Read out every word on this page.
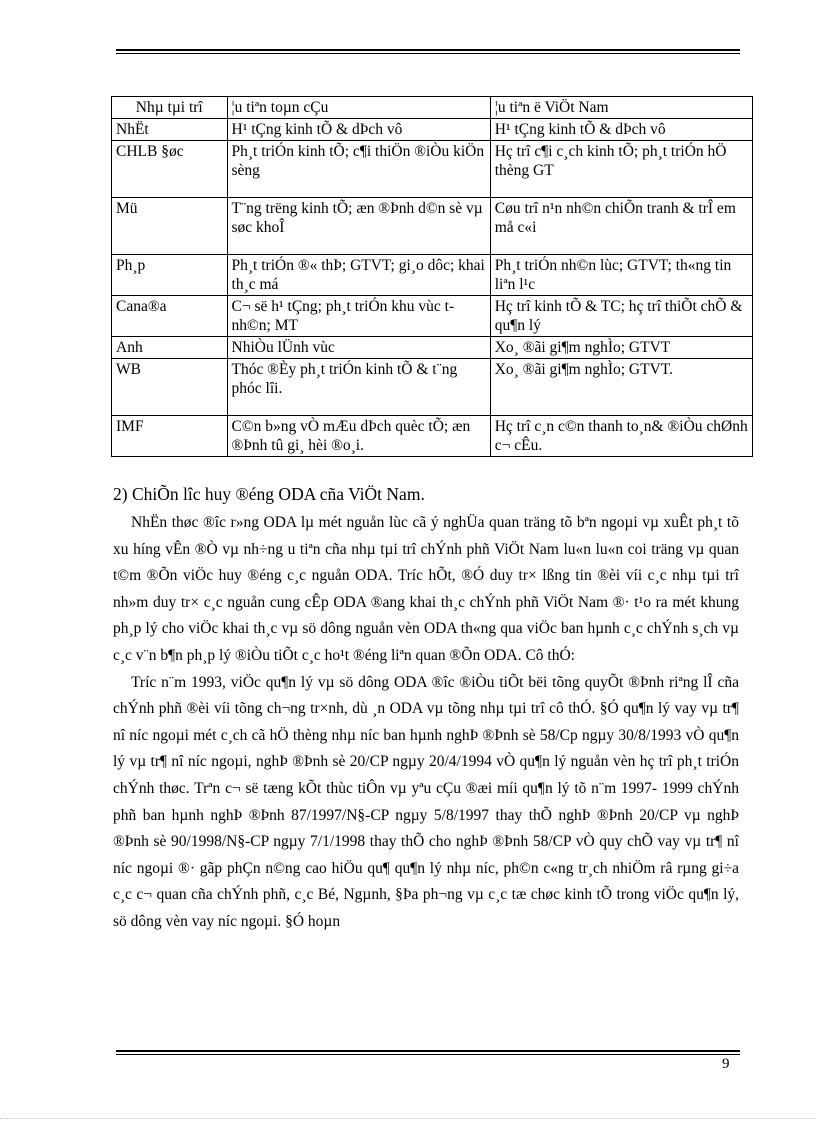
Nhµ tµi trî	¦u tiªn toµn cÇu	¦u tiªn ë ViÖt Nam
NhËt	H¹ tÇng kinh tÕ & dÞch vô	H¹ tÇng kinh tÕ & dÞch vô
CHLB §øc	Ph¸t triÓn kinh tÕ; c¶i thiÖn ®iÒu kiÖn sèng	Hç trî c¶i c¸ch kinh tÕ; ph¸t triÓn hÖ thèng GT
Mü	T¨ng trëng kinh tÕ; æn ®Þnh d©n sè vµ søc khoÎ	Cøu trî n¹n nh©n chiÕn tranh & trÎ em må c«i
Ph¸p	Ph¸t triÓn ®« thÞ; GTVT; gi¸o dôc; khai th¸c má	Ph¸t triÓn nh©n lùc; GTVT; th«ng tin liªn l¹c
Cana®a	C¬ së h¹ tÇng; ph¸t triÓn khu vùc t nh©n; MT	Hç trî kinh tÕ & TC; hç trî thiÕt chÕ & qu¶n lý
Anh	NhiÒu lÜnh vùc	Xo¸ ®ãi gi¶m nghÌo; GTVT
WB	Thóc ®Èy ph¸t triÓn kinh tÕ & t¨ng phóc lîi.	Xo¸ ®ãi gi¶m nghÌo; GTVT.
IMF	C©n b»ng vÒ mÆu dÞch quèc tÕ; æn ®Þnh tû gi¸ hèi ®o¸i.	Hç trî c¸n c©n thanh to¸n& ®iÒu chØnh c¬ cÊu.
2) ChiÕn lîc huy ®éng ODA cña ViÖt Nam.

NhËn thøc ®îc r»ng ODA lµ mét nguån lùc cã ý nghÜa quan träng tõ bªn ngoµi vµ xuÊt ph¸t tõ xu híng vÊn ®Ò vµ nh÷ng u tiªn cña nhµ tµi trî chÝnh phñ ViÖt Nam lu«n lu«n coi träng vµ quan t©m ®Õn viÖc huy ®éng c¸c nguån ODA. Tríc hÕt, ®Ó duy tr× lßng tin ®èi víi c¸c nhµ tµi trî nh»m duy tr× c¸c nguån cung cÊp ODA ®ang khai th¸c chÝnh phñ ViÖt Nam ®· t¹o ra mét khung ph¸p lý cho viÖc khai th¸c vµ sö dông nguån vèn ODA th«ng qua viÖc ban hµnh c¸c chÝnh s¸ch vµ c¸c v¨n b¶n ph¸p lý ®iÒu tiÕt c¸c ho¹t ®éng liªn quan ®Õn ODA. Cô thÓ:

Tríc n¨m 1993, viÖc qu¶n lý vµ sö dông ODA ®îc ®iÒu tiÕt bëi tõng quyÕt ®Þnh riªng lÎ cña chÝnh phñ ®èi víi tõng ch¬ng tr×nh, dù ¸n ODA vµ tõng nhµ tµi trî cô thÓ. §Ó qu¶n lý vay vµ tr¶ nî níc ngoµi mét c¸ch cã hÖ thèng nhµ níc ban hµnh nghÞ ®Þnh sè 58/Cp ngµy 30/8/1993 vÒ qu¶n lý vµ tr¶ nî níc ngoµi, nghÞ ®Þnh sè 20/CP ngµy 20/4/1994 vÒ qu¶n lý nguån vèn hç trî ph¸t triÓn chÝnh thøc. Trªn c¬ së tæng kÕt thùc tiÔn vµ yªu cÇu ®æi míi qu¶n lý tõ n¨m 1997- 1999 chÝnh phñ ban hµnh nghÞ ®Þnh 87/1997/N§-CP ngµy 5/8/1997 thay thÕ nghÞ ®Þnh 20/CP vµ nghÞ ®Þnh sè 90/1998/N§-CP ngµy 7/1/1998 thay thÕ cho nghÞ ®Þnh 58/CP vÒ quy chÕ vay vµ tr¶ nî níc ngoµi ®· gãp phÇn n©ng cao hiÖu qu¶ qu¶n lý nhµ níc, ph©n c«ng tr¸ch nhiÖm râ rµng gi÷a c¸c c¬ quan cña chÝnh phñ, c¸c Bé, Ngµnh, §Þa ph¬ng vµ c¸c tæ chøc kinh tÕ trong viÖc qu¶n lý, sö dông vèn vay níc ngoµi. §Ó hoµn

9
